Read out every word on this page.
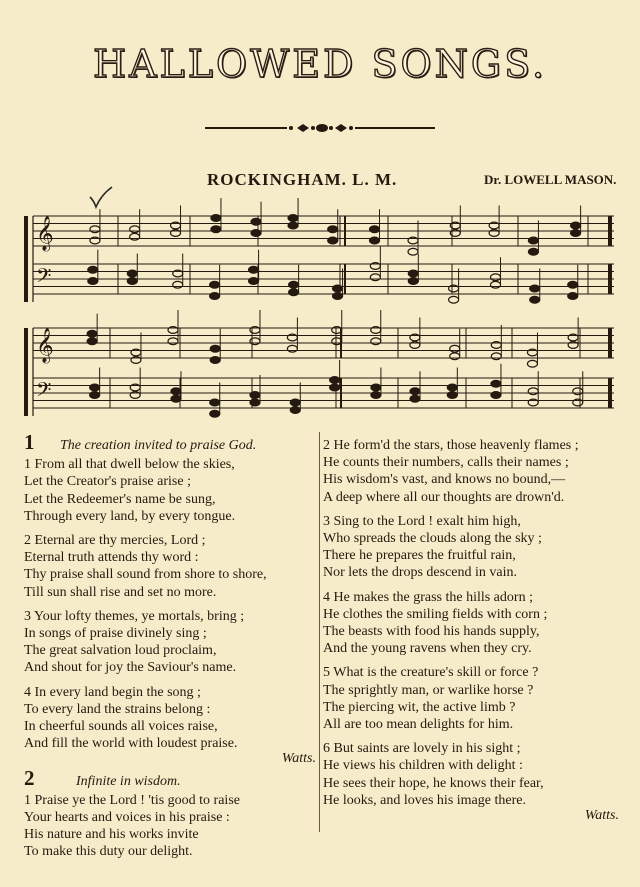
HALLOWED SONGS.
ROCKINGHAM. L. M.	Dr. LOWELL MASON.
𝄞
𝄢
𝄞
𝄢
1	The creation invited to praise God.
1 From all that dwell below the skies,
Let the Creator's praise arise ;
Let the Redeemer's name be sung,
Through every land, by every tongue.
2 Eternal are thy mercies, Lord ;
Eternal truth attends thy word :
Thy praise shall sound from shore to shore,
Till sun shall rise and set no more.
3 Your lofty themes, ye mortals, bring ;
In songs of praise divinely sing ;
The great salvation loud proclaim,
And shout for joy the Saviour's name.
4 In every land begin the song ;
To every land the strains belong :
In cheerful sounds all voices raise,
And fill the world with loudest praise.
Watts.
2	Infinite in wisdom.
1 Praise ye the Lord ! 'tis good to raise
Your hearts and voices in his praise :
His nature and his works invite
To make this duty our delight.
2 He form'd the stars, those heavenly flames ;
He counts their numbers, calls their names ;
His wisdom's vast, and knows no bound,—
A deep where all our thoughts are drown'd.
3 Sing to the Lord ! exalt him high,
Who spreads the clouds along the sky ;
There he prepares the fruitful rain,
Nor lets the drops descend in vain.
4 He makes the grass the hills adorn ;
He clothes the smiling fields with corn ;
The beasts with food his hands supply,
And the young ravens when they cry.
5 What is the creature's skill or force ?
The sprightly man, or warlike horse ?
The piercing wit, the active limb ?
All are too mean delights for him.
6 But saints are lovely in his sight ;
He views his children with delight :
He sees their hope, he knows their fear,
He looks, and loves his image there.
Watts.
